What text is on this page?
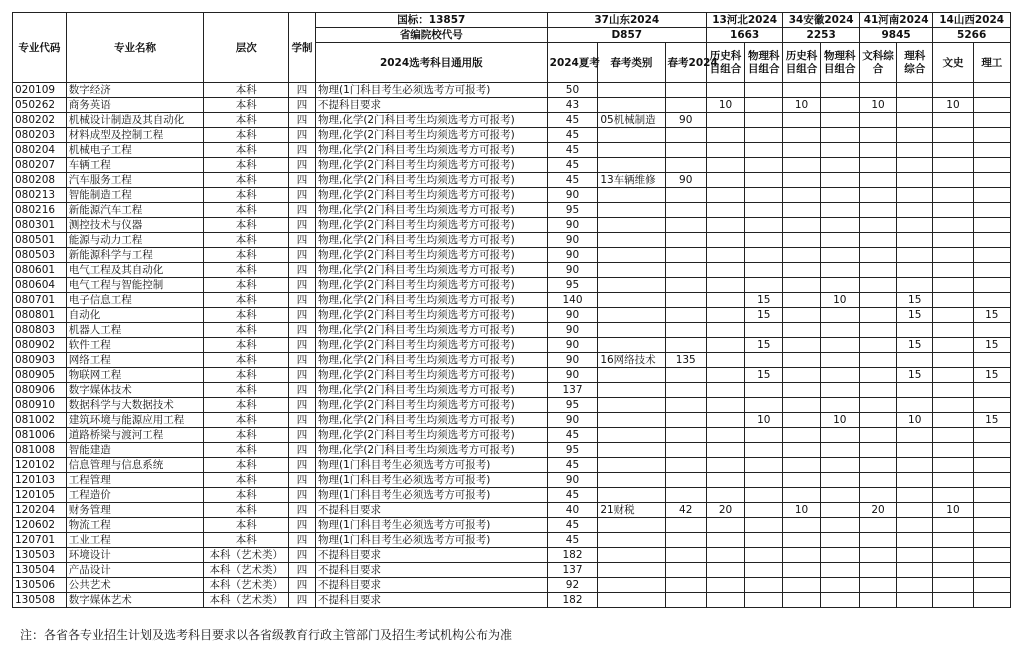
专业代码	专业名称	层次	学制	国标：13857	37山东2024			13河北2024		34安徽2024		41河南2024		14山西2024	
				省编院校代号	D857			1663		2253		9845		5266	
				2024选考科目通用版	2024夏考	春考类别	春考2024	历史科目组合	物理科目组合	历史科目组合	物理科目组合	文科综合	理科综合	文史	理工

020109	数字经济	本科	四	物理(1门科目考生必须选考方可报考)	50										
050262	商务英语	本科	四	不提科目要求	43			10		10		10		10	
080202	机械设计制造及其自动化	本科	四	物理,化学(2门科目考生均须选考方可报考)	45	05机械制造	90								
080203	材料成型及控制工程	本科	四	物理,化学(2门科目考生均须选考方可报考)	45										
080204	机械电子工程	本科	四	物理,化学(2门科目考生均须选考方可报考)	45										
080207	车辆工程	本科	四	物理,化学(2门科目考生均须选考方可报考)	45										
080208	汽车服务工程	本科	四	物理,化学(2门科目考生均须选考方可报考)	45	13车辆维修	90								
080213	智能制造工程	本科	四	物理,化学(2门科目考生均须选考方可报考)	90										
080216	新能源汽车工程	本科	四	物理,化学(2门科目考生均须选考方可报考)	95										
080301	测控技术与仪器	本科	四	物理,化学(2门科目考生均须选考方可报考)	90										
080501	能源与动力工程	本科	四	物理,化学(2门科目考生均须选考方可报考)	90										
080503	新能源科学与工程	本科	四	物理,化学(2门科目考生均须选考方可报考)	90										
080601	电气工程及其自动化	本科	四	物理,化学(2门科目考生均须选考方可报考)	90										
080604	电气工程与智能控制	本科	四	物理,化学(2门科目考生均须选考方可报考)	95										
080701	电子信息工程	本科	四	物理,化学(2门科目考生均须选考方可报考)	140				15		10		15		
080801	自动化	本科	四	物理,化学(2门科目考生均须选考方可报考)	90				15				15		15
080803	机器人工程	本科	四	物理,化学(2门科目考生均须选考方可报考)	90										
080902	软件工程	本科	四	物理,化学(2门科目考生均须选考方可报考)	90				15				15		15
080903	网络工程	本科	四	物理,化学(2门科目考生均须选考方可报考)	90	16网络技术	135								
080905	物联网工程	本科	四	物理,化学(2门科目考生均须选考方可报考)	90				15				15		15
080906	数字媒体技术	本科	四	物理,化学(2门科目考生均须选考方可报考)	137										
080910	数据科学与大数据技术	本科	四	物理,化学(2门科目考生均须选考方可报考)	95										
081002	建筑环境与能源应用工程	本科	四	物理,化学(2门科目考生均须选考方可报考)	90				10		10		10		15
081006	道路桥梁与渡河工程	本科	四	物理,化学(2门科目考生均须选考方可报考)	45										
081008	智能建造	本科	四	物理,化学(2门科目考生均须选考方可报考)	95										
120102	信息管理与信息系统	本科	四	物理(1门科目考生必须选考方可报考)	45										
120103	工程管理	本科	四	物理(1门科目考生必须选考方可报考)	90										
120105	工程造价	本科	四	物理(1门科目考生必须选考方可报考)	45										
120204	财务管理	本科	四	不提科目要求	40	21财税	42	20		10		20		10	
120602	物流工程	本科	四	物理(1门科目考生必须选考方可报考)	45										
120701	工业工程	本科	四	物理(1门科目考生必须选考方可报考)	45										
130503	环境设计	本科（艺术类）	四	不提科目要求	182										
130504	产品设计	本科（艺术类）	四	不提科目要求	137										
130506	公共艺术	本科（艺术类）	四	不提科目要求	92										
130508	数字媒体艺术	本科（艺术类）	四	不提科目要求	182										
注：各省各专业招生计划及选考科目要求以各省级教育行政主管部门及招生考试机构公布为准
